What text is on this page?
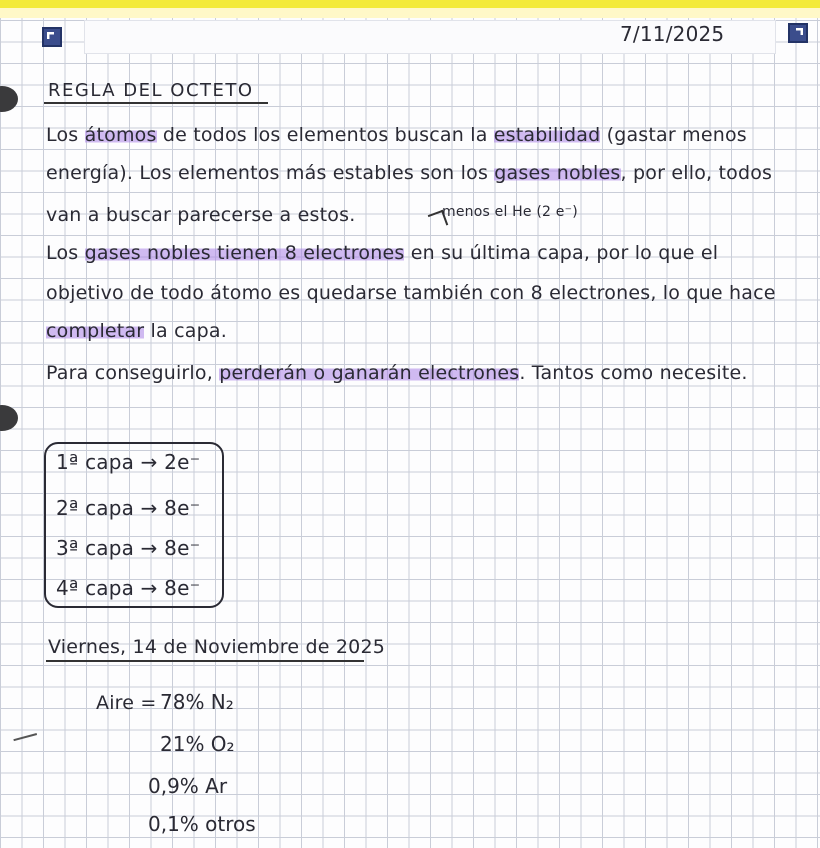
7/11/2025
REGLA DEL OCTETO
Los átomos de todos los elementos buscan la estabilidad (gastar menos
energía). Los elementos más estables son los gases nobles, por ello, todos
van a buscar parecerse a estos.	menos el He (2 e⁻)
Los gases nobles tienen 8 electrones en su última capa, por lo que el
objetivo de todo átomo es quedarse también con 8 electrones, lo que hace
completar la capa.
Para conseguirlo, perderán o ganarán electrones. Tantos como necesite.
1ª capa → 2e⁻
2ª capa → 8e⁻
3ª capa → 8e⁻
4ª capa → 8e⁻
Viernes, 14 de Noviembre de 2025
Aire = 78% N₂
21% O₂
0,9% Ar
0,1% otros
